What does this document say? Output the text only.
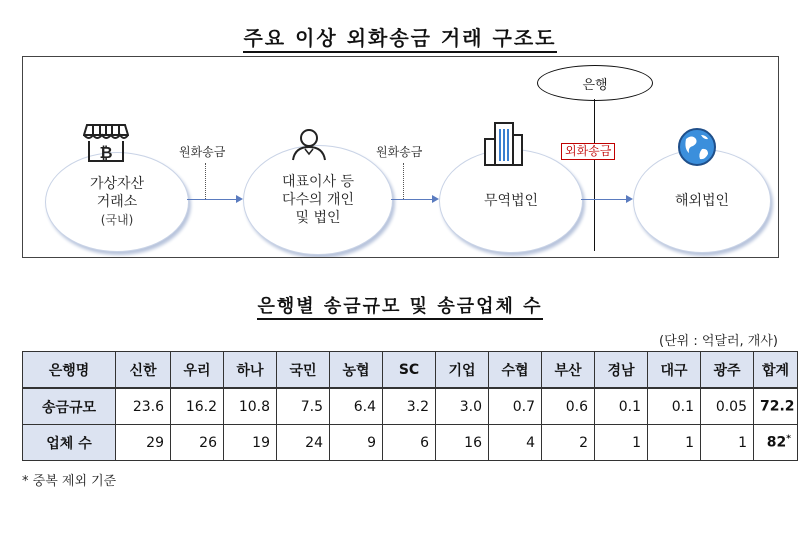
주요 이상 외화송금 거래 구조도
가상자산
거래소
(국내)
₿	원화송금
대표이사 등
다수의 개인
및 법인
원화송금
무역법인
은행
외화송금
해외법인
은행별 송금규모 및 송금업체 수
(단위 : 억달러, 개사)
은행명	신한	우리	하나	국민	농협	SC	기업	수협	부산	경남	대구	광주	합계
송금규모	23.6	16.2	10.8	7.5	6.4	3.2	3.0	0.7	0.6	0.1	0.1	0.05	72.2
업체 수	29	26	19	24	9	6	16	4	2	1	1	1	82*
* 중복 제외 기준
